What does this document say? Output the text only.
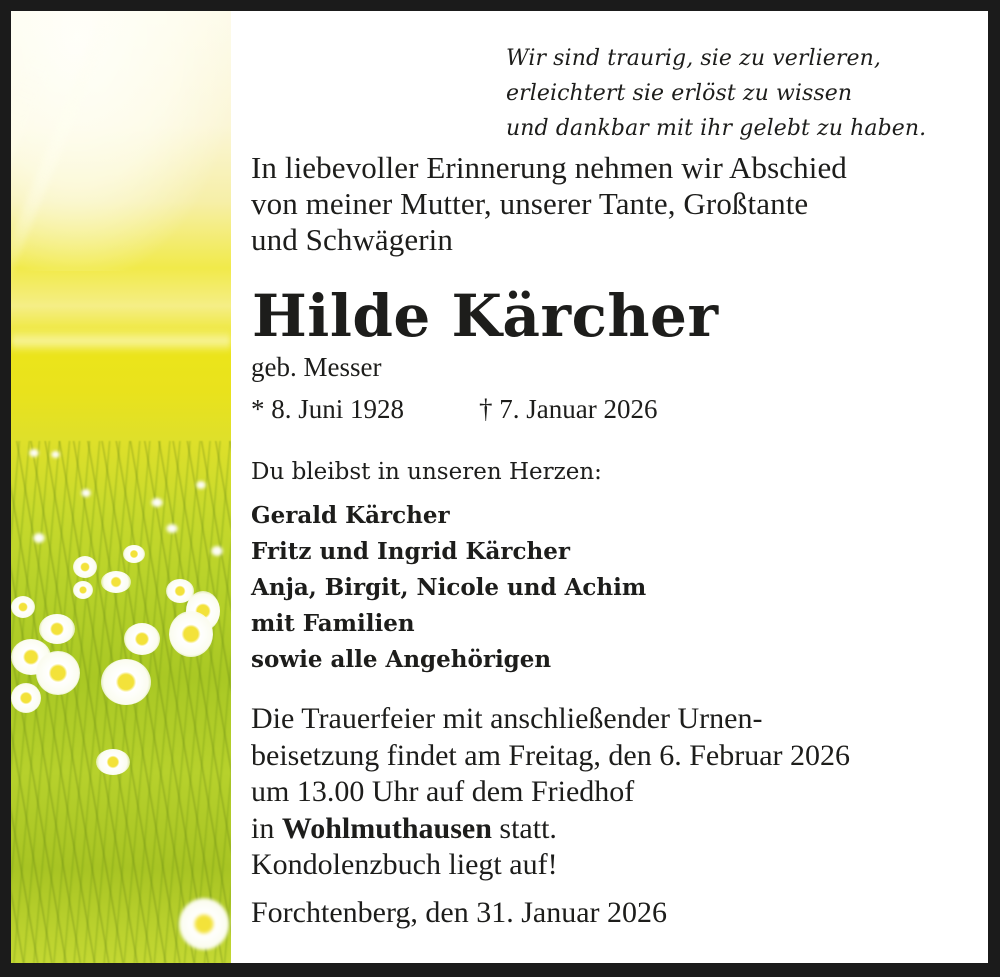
Wir sind traurig, sie zu verlieren,
erleichtert sie erlöst zu wissen
und dankbar mit ihr gelebt zu haben.
In liebevoller Erinnerung nehmen wir Abschied
von meiner Mutter, unserer Tante, Großtante
und Schwägerin
Hilde Kärcher
geb. Messer
* 8. Juni 1928	† 7. Januar 2026
Du bleibst in unseren Herzen:
Gerald Kärcher
Fritz und Ingrid Kärcher
Anja, Birgit, Nicole und Achim
mit Familien
sowie alle Angehörigen
Die Trauerfeier mit anschließender Urnen-
beisetzung findet am Freitag, den 6. Februar 2026
um 13.00 Uhr auf dem Friedhof
in Wohlmuthausen statt.
Kondolenzbuch liegt auf!
Forchtenberg, den 31. Januar 2026
